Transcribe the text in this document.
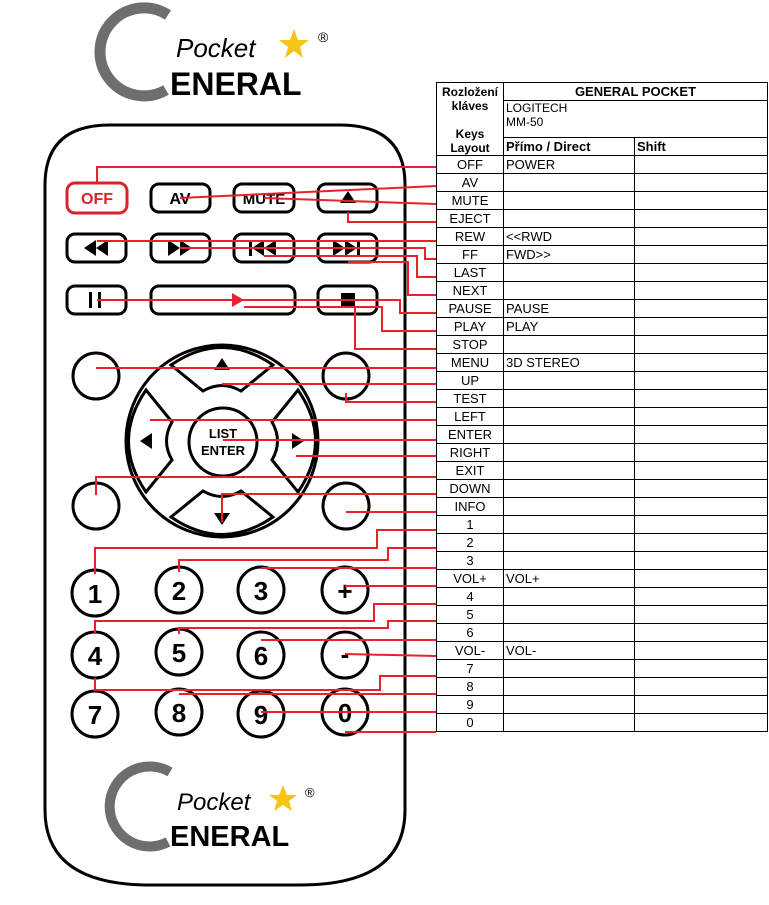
Pocket	®
ENERAL
OFF	AV	MUTE
LIST
ENTER
1	2	3	+
4	5	6	-
7	8	9	0
Pocket	®
ENERAL
Rozložení kláves

Keys Layout	GENERAL POCKET	
	LOGITECH
MM-50	
	Přímo / Direct	Shift
OFF	POWER	
AV		
MUTE		
EJECT		
REW	<<RWD	
FF	FWD>>	
LAST		
NEXT		
PAUSE	PAUSE	
PLAY	PLAY	
STOP		
MENU	3D STEREO	
UP		
TEST		
LEFT		
ENTER		
RIGHT		
EXIT		
DOWN		
INFO		
1		
2		
3		
VOL+	VOL+	
4		
5		
6		
VOL-	VOL-	
7		
8		
9		
0		
